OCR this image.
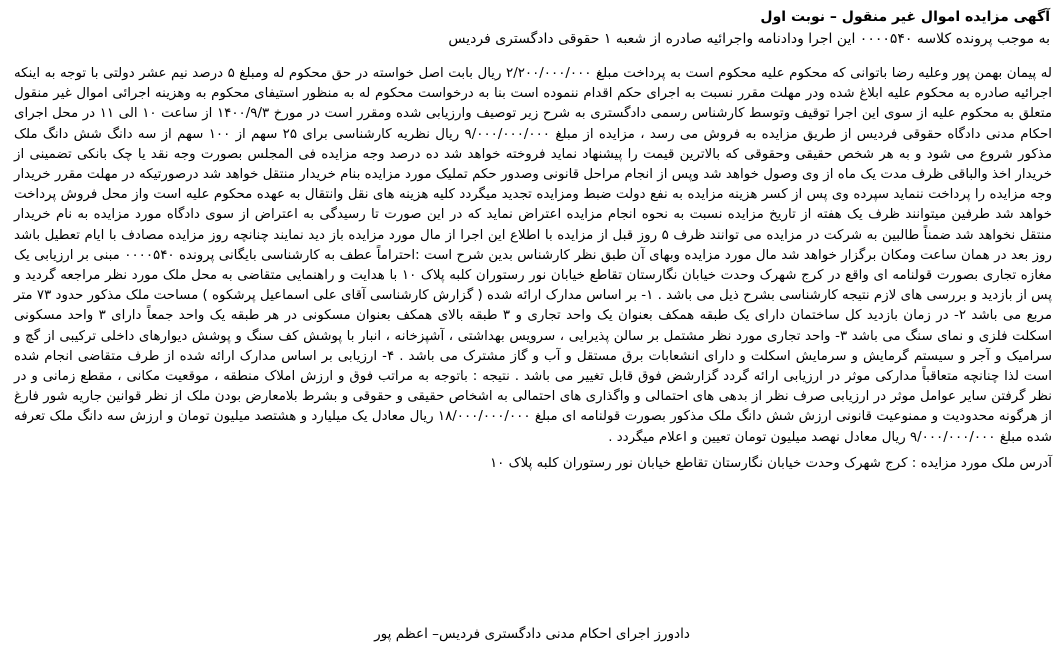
آگهی مزایده اموال غیر منقول – نوبت اول
به موجب پرونده کلاسه ۰۰۰۰۵۴۰ این اجرا ودادنامه واجرائیه صادره از شعبه ۱ حقوقی دادگستری فردیس

له پیمان بهمن پور وعلیه رضا باتوانی که محکوم علیه محکوم است به پرداخت مبلغ ۲/۲۰۰/۰۰۰/۰۰۰ ریال بابت اصل خواسته در حق محکوم له ومبلغ ۵ درصد نیم عشر دولتی با توجه به اینکه اجرائیه صادره به محکوم علیه ابلاغ شده ودر مهلت مقرر نسبت به اجرای حکم اقدام ننموده است بنا به درخواست محکوم له به منظور استیفای محکوم به وهزینه اجرائی اموال غیر منقول متعلق به محکوم علیه از سوی این اجرا توقیف وتوسط کارشناس رسمی دادگستری به شرح زیر توصیف وارزیابی شده ومقرر است در مورخ ۱۴۰۰/۹/۳ از ساعت ۱۰ الی ۱۱ در محل اجرای احکام مدنی دادگاه حقوقی فردیس از طریق مزایده به فروش می رسد ، مزایده از مبلغ ۹/۰۰۰/۰۰۰/۰۰۰ ریال نظریه کارشناسی برای ۲۵ سهم از ۱۰۰ سهم از سه دانگ شش دانگ ملک مذکور شروع می شود و به هر شخص حقیقی وحقوقی که بالاترین قیمت را پیشنهاد نماید فروخته خواهد شد ده درصد وجه مزایده فی المجلس بصورت وجه نقد یا چک بانکی تضمینی از خریدار اخذ والباقی ظرف مدت یک ماه از وی وصول خواهد شد وپس از انجام مراحل قانونی وصدور حکم تملیک مورد مزایده بنام خریدار منتقل خواهد شد درصورتیکه در مهلت مقرر خریدار وجه مزایده را پرداخت ننماید سپرده وی پس از کسر هزینه مزایده به نفع دولت ضبط ومزایده تجدید میگردد کلیه هزینه های نقل وانتقال به عهده محکوم علیه است واز محل فروش پرداخت خواهد شد طرفین میتوانند ظرف یک هفته از تاریخ مزایده نسبت به نحوه انجام مزایده اعتراض نماید که در این صورت تا رسیدگی به اعتراض از سوی دادگاه مورد مزایده به نام خریدار منتقل نخواهد شد ضمناً طالبین به شرکت در مزایده می توانند ظرف ۵ روز قبل از مزایده با اطلاع این اجرا از مال مورد مزایده باز دید نمایند چنانچه روز مزایده مصادف با ایام تعطیل باشد روز بعد در همان ساعت ومکان برگزار خواهد شد مال مورد مزایده وبهای آن طبق نظر کارشناس بدین شرح است :احتراماً عطف به کارشناسی بایگانی پرونده ۰۰۰۰۵۴۰ مبنی بر ارزیابی یک مغازه تجاری بصورت قولنامه ای واقع در کرج شهرک وحدت خیابان نگارستان تقاطع خیابان نور رستوران کلبه پلاک ۱۰ با هدایت و راهنمایی متقاضی به محل ملک مورد نظر مراجعه گردید و پس از بازدید و بررسی های لازم نتیجه کارشناسی بشرح ذیل می باشد . ۱- بر اساس مدارک ارائه شده ( گزارش کارشناسی آقای علی اسماعیل پرشکوه ) مساحت ملک مذکور حدود ۷۳ متر مربع می باشد ۲- در زمان بازدید کل ساختمان دارای یک طبقه همکف بعنوان یک واحد تجاری و ۳ طبقه بالای همکف بعنوان مسکونی در هر طبقه یک واحد جمعاً دارای ۳ واحد مسکونی اسکلت فلزی و نمای سنگ می باشد ۳- واحد تجاری مورد نظر مشتمل بر سالن پذیرایی ، سرویس بهداشتی ، آشپزخانه ، انبار با پوشش کف سنگ و پوشش دیوارهای داخلی ترکیبی از گچ و سرامیک و آجر و سیستم گرمایش و سرمایش اسکلت و دارای انشعابات برق مستقل و آب و گاز مشترک می باشد . ۴- ارزیابی بر اساس مدارک ارائه شده از طرف متقاضی انجام شده است لذا چنانچه متعاقباً مدارکی موثر در ارزیابی ارائه گردد گزارشض فوق قابل تغییر می باشد . نتیجه : باتوجه به مراتب فوق و ارزش املاک منطقه ، موقعیت مکانی ، مقطع زمانی و در نظر گرفتن سایر عوامل موثر در ارزیابی صرف نظر از بدهی های احتمالی و واگذاری های احتمالی به اشخاص حقیقی و حقوقی و بشرط بلامعارض بودن ملک از نظر قوانین جاریه شور فارغ از هرگونه محدودیت و ممنوعیت قانونی ارزش شش دانگ ملک مذکور بصورت قولنامه ای مبلغ ۱۸/۰۰۰/۰۰۰/۰۰۰ ریال معادل یک میلیارد و هشتصد میلیون تومان و ارزش سه دانگ ملک تعرفه شده مبلغ ۹/۰۰۰/۰۰۰/۰۰۰ ریال معادل نهصد میلیون تومان تعیین و اعلام میگردد .

آدرس ملک مورد مزایده : کرج شهرک وحدت خیابان نگارستان تقاطع خیابان نور رستوران کلبه پلاک ۱۰

دادورز اجرای احکام مدنی دادگستری فردیس– اعظم پور
